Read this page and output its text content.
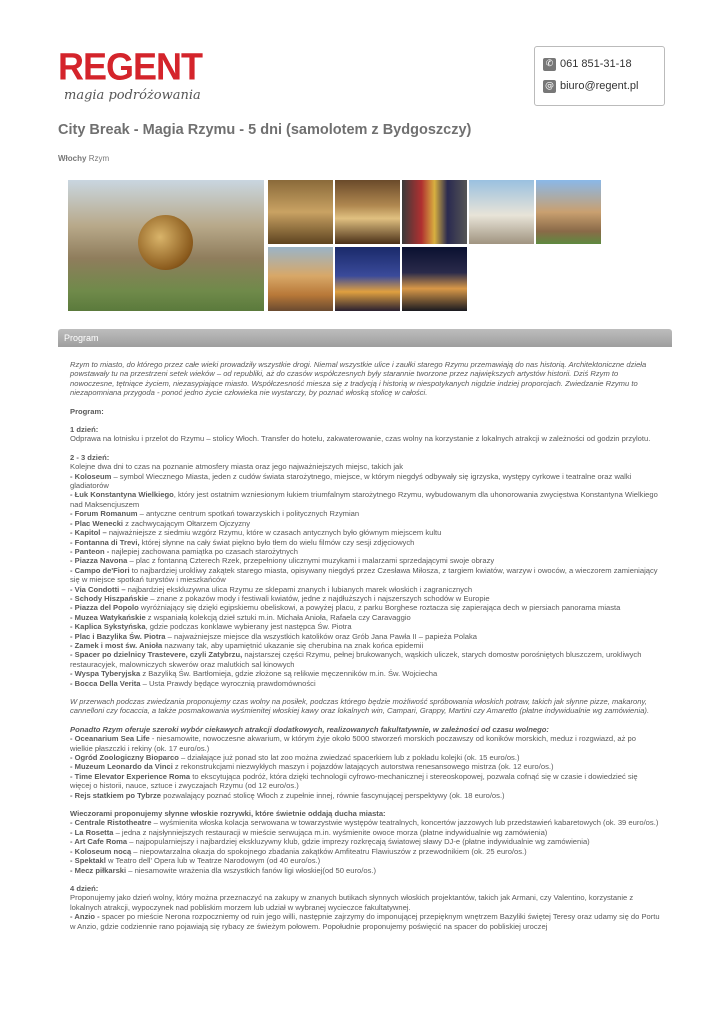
REGENT
magia podróżowania
✆ 061 851-31-18
@ biuro@regent.pl
City Break - Magia Rzymu - 5 dni (samolotem z Bydgoszczy)
Włochy Rzym
Program

Rzym to miasto, do którego przez całe wieki prowadziły wszystkie drogi. Niemal wszystkie ulice i zaułki starego Rzymu przemawiają do nas historią. Architektoniczne dzieła powstawały tu na przestrzeni setek wieków – od republiki, aż do czasów współczesnych były starannie tworzone przez największych artystów historii. Dziś Rzym to nowoczesne, tętniące życiem, niezasypiające miasto. Współczesność miesza się z tradycją i historią w niespotykanych nigdzie indziej proporcjach. Zwiedzanie Rzymu to niezapomniana przygoda - ponoć jedno życie człowieka nie wystarczy, by poznać włoską stolicę w całości.

Program:

1 dzień:

Odprawa na lotnisku i przelot do Rzymu – stolicy Włoch. Transfer do hotelu, zakwaterowanie, czas wolny na korzystanie z lokalnych atrakcji w zależności od godzin przylotu.

2 - 3 dzień:

Kolejne dwa dni to czas na poznanie atmosfery miasta oraz jego najważniejszych miejsc, takich jak

- Koloseum – symbol Wiecznego Miasta, jeden z cudów świata starożytnego, miejsce, w którym niegdyś odbywały się igrzyska, występy cyrkowe i teatralne oraz walki gladiatorów

- Łuk Konstantyna Wielkiego, który jest ostatnim wzniesionym łukiem triumfalnym starożytnego Rzymu, wybudowanym dla uhonorowania zwycięstwa Konstantyna Wielkiego nad Maksencjuszem

- Forum Romanum – antyczne centrum spotkań towarzyskich i politycznych Rzymian

- Plac Wenecki z zachwycającym Ołtarzem Ojczyzny

- Kapitol – najważniejsze z siedmiu wzgórz Rzymu, które w czasach antycznych było głównym miejscem kultu

- Fontanna di Trevi, której słynne na cały świat piękno było tłem do wielu filmów czy sesji zdjęciowych

- Panteon - najlepiej zachowana pamiątka po czasach starożytnych

- Piazza Navona – plac z fontanną Czterech Rzek, przepełniony ulicznymi muzykami i malarzami sprzedającymi swoje obrazy

- Campo de'Fiori to najbardziej urokliwy zakątek starego miasta, opisywany niegdyś przez Czesława Miłosza, z targiem kwiatów, warzyw i owoców, a wieczorem zamieniający się w miejsce spotkań turystów i mieszkańców

- Via Condotti – najbardziej ekskluzywna ulica Rzymu ze sklepami znanych i lubianych marek włoskich i zagranicznych

- Schody Hiszpańskie – znane z pokazów mody i festiwali kwiatów, jedne z najdłuższych i najszerszych schodów w Europie

- Piazza del Popolo wyróżniający się dzięki egipskiemu obeliskowi, a powyżej placu, z parku Borghese roztacza się zapierająca dech w piersiach panorama miasta

- Muzea Watykańskie z wspaniałą kolekcją dzieł sztuki m.in. Michała Anioła, Rafaela czy Caravaggio

- Kaplica Sykstyńska, gdzie podczas konklawe wybierany jest następca Św. Piotra

- Plac i Bazylika Św. Piotra – najważniejsze miejsce dla wszystkich katolików oraz Grób Jana Pawła II – papieża Polaka

- Zamek i most św. Anioła nazwany tak, aby upamiętnić ukazanie się cherubina na znak końca epidemii

- Spacer po dzielnicy Trastevere, czyli Zatybrzu, najstarszej części Rzymu, pełnej brukowanych, wąskich uliczek, starych domostw porośniętych bluszczem, urokliwych restauracyjek, malowniczych skwerów oraz malutkich sal kinowych

- Wyspa Tyberyjska z Bazyliką Św. Bartłomieja, gdzie złożone są relikwie męczenników m.in. Św. Wojciecha

- Bocca Della Verita – Usta Prawdy będące wyrocznią prawdomówności

W przerwach podczas zwiedzania proponujemy czas wolny na posiłek, podczas którego będzie możliwość spróbowania włoskich potraw, takich jak słynne pizze, makarony, cannelloni czy focaccia, a także posmakowania wyśmienitej włoskiej kawy oraz lokalnych win, Campari, Grappy, Martini czy Amaretto (płatne indywidualnie wg zamówienia).

Ponadto Rzym oferuje szeroki wybór ciekawych atrakcji dodatkowych, realizowanych fakultatywnie, w zależności od czasu wolnego:

- Oceanarium Sea Life - niesamowite, nowoczesne akwarium, w którym żyje około 5000 stworzeń morskich poczawszy od koników morskich, meduz i rozgwiazd, aż po wielkie płaszczki i rekiny (ok. 17 euro/os.)

- Ogród Zoologiczny Bioparco – działające już ponad sto lat zoo można zwiedzać spacerkiem lub z pokładu kolejki (ok. 15 euro/os.)

- Muzeum Leonardo da Vinci z rekonstrukcjami niezwykłych maszyn i pojazdów latających autorstwa renesansowego mistrza (ok. 12 euro/os.)

- Time Elevator Experience Roma to ekscytująca podróż, która dzięki technologii cyfrowo-mechanicznej i stereoskopowej, pozwala cofnąć się w czasie i dowiedzieć się więcej o historii, nauce, sztuce i zwyczajach Rzymu (od 12 euro/os.)

- Rejs statkiem po Tybrze pozwalający poznać stolicę Włoch z zupełnie innej, równie fascynującej perspektywy (ok. 18 euro/os.)

Wieczorami proponujemy słynne włoskie rozrywki, które świetnie oddają ducha miasta:

- Centrale Ristotheatre – wyśmienita włoska kolacja serwowana w towarzystwie występów teatralnych, koncertów jazzowych lub przedstawień kabaretowych (ok. 39 euro/os.)

- La Rosetta – jedna z najsłynniejszych restauracji w mieście serwująca m.in. wyśmienite owoce morza (płatne indywidualnie wg zamówienia)

- Art Cafe Roma – najpopularniejszy i najbardziej ekskluzywny klub, gdzie imprezy rozkręcają światowej sławy DJ-e (płatne indywidualnie wg zamówienia)

- Koloseum nocą – niepowtarzalna okazja do spokojnego zbadania zakątków Amfiteatru Flawiuszów z przewodnikiem (ok. 25 euro/os.)

- Spektakl w Teatro dell' Opera lub w Teatrze Narodowym (od 40 euro/os.)

- Mecz piłkarski – niesamowite wrażenia dla wszystkich fanów ligi włoskiej(od 50 euro/os.)

4 dzień:

Proponujemy jako dzień wolny, który można przeznaczyć na zakupy w znanych butikach słynnych włoskich projektantów, takich jak Armani, czy Valentino, korzystanie z lokalnych atrakcji, wypoczynek nad pobliskim morzem lub udział w wybranej wycieczce fakultatywnej.

- Anzio - spacer po mieście Nerona rozpoczniemy od ruin jego willi, następnie zajrzymy do imponującej przepięknym wnętrzem Bazyliki świętej Teresy oraz udamy się do Portu w Anzio, gdzie codziennie rano pojawiają się rybacy ze świeżym połowem. Popołudnie proponujemy poświęcić na spacer do pobliskiej uroczej
